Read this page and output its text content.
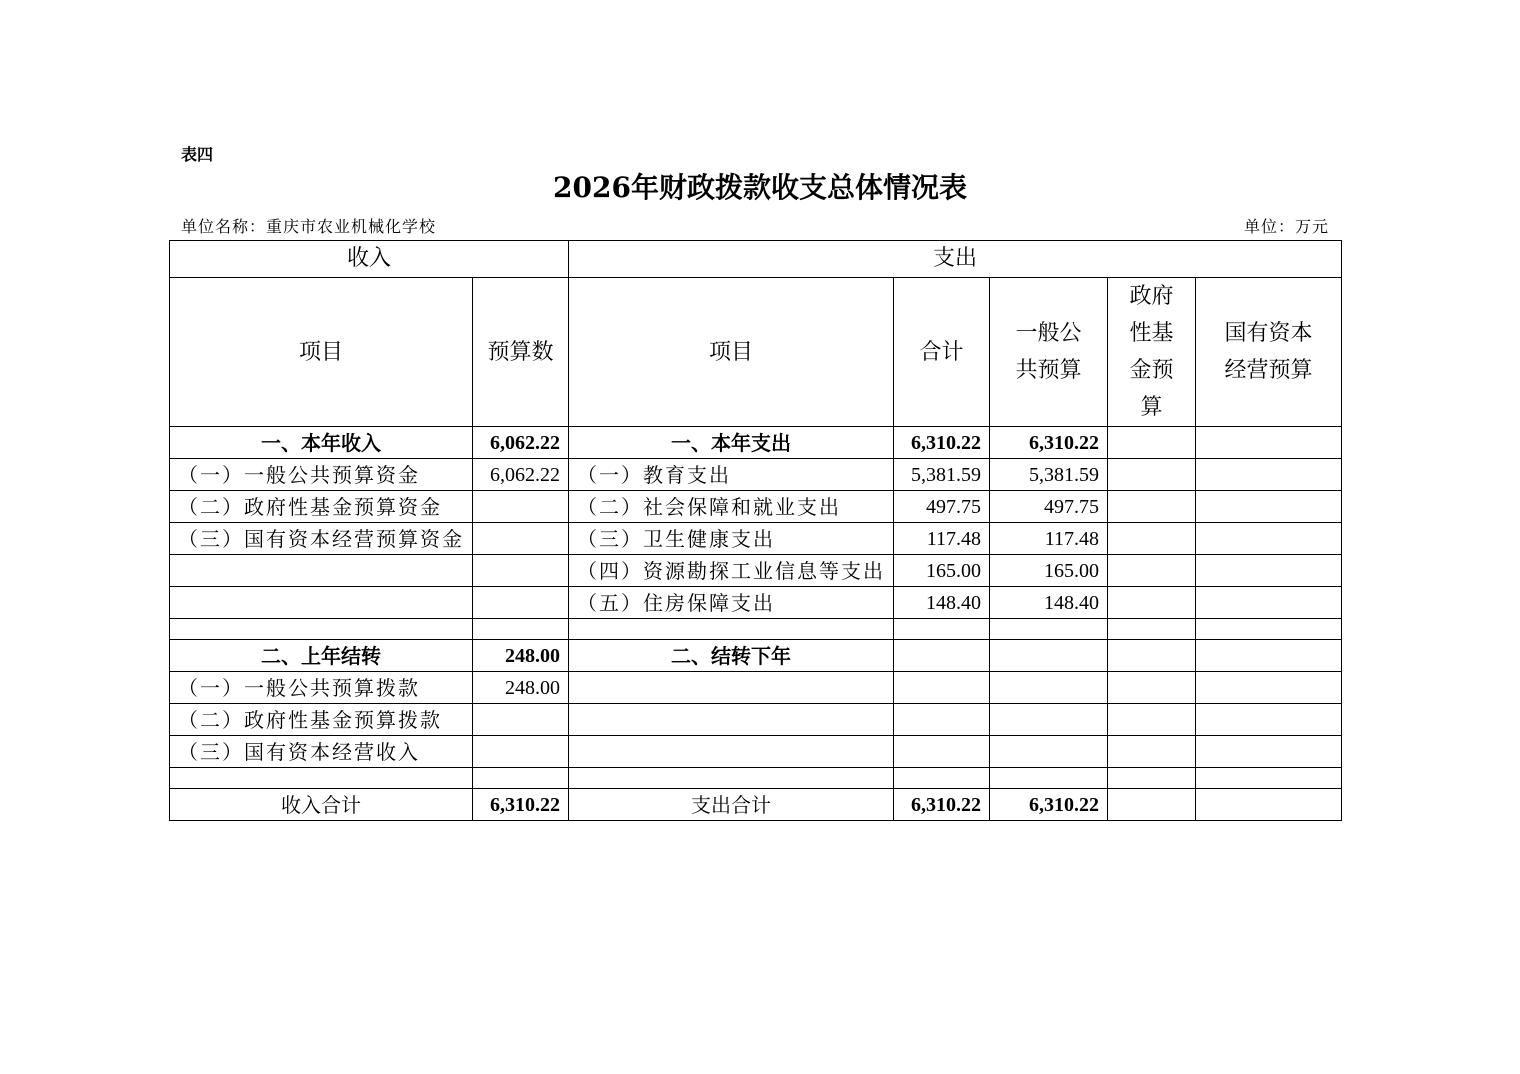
表四
2026年财政拨款收支总体情况表
单位名称：重庆市农业机械化学校	单位：万元
收入		支出				
项目	预算数	项目	合计	一般公共预算	政府性基金预算	国有资本经营预算
一、本年收入	6,062.22	一、本年支出	6,310.22	6,310.22		
（一）一般公共预算资金	6,062.22	（一）教育支出	5,381.59	5,381.59		
（二）政府性基金预算资金		（二）社会保障和就业支出	497.75	497.75		
（三）国有资本经营预算资金		（三）卫生健康支出	117.48	117.48		
		（四）资源勘探工业信息等支出	165.00	165.00		
		（五）住房保障支出	148.40	148.40		

二、上年结转	248.00	二、结转下年				
（一）一般公共预算拨款	248.00					
（二）政府性基金预算拨款						
（三）国有资本经营收入						

收入合计	6,310.22	支出合计	6,310.22	6,310.22		
